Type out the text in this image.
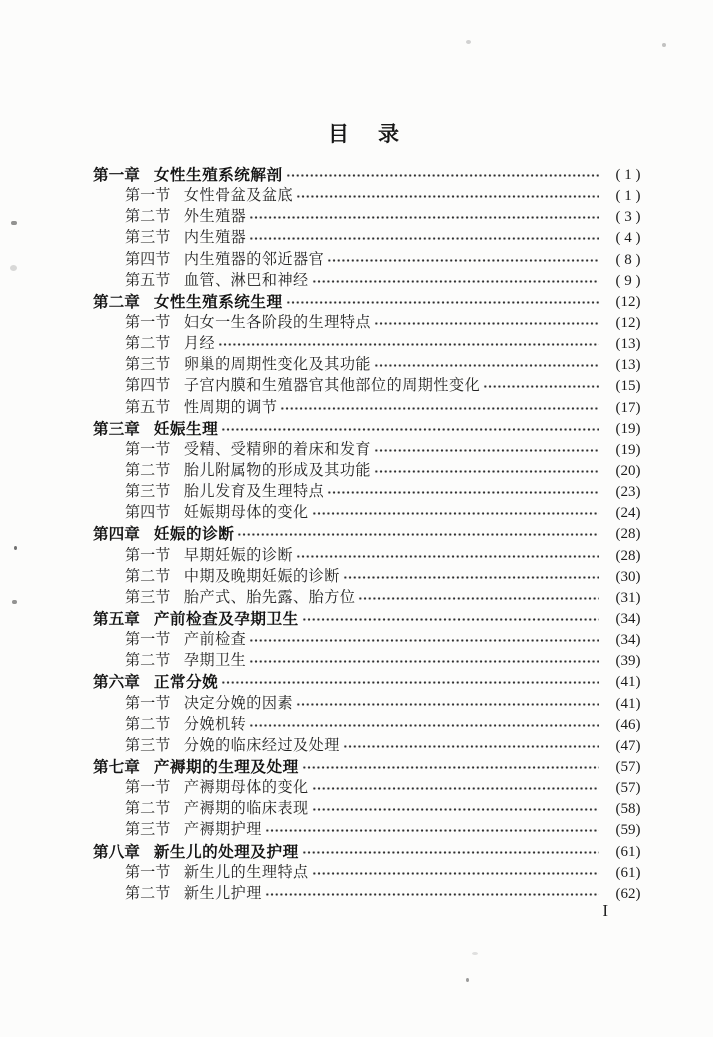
目　录
第一章 女性生殖系统解剖	( 1 )
第一节 女性骨盆及盆底	( 1 )
第二节 外生殖器	( 3 )
第三节 内生殖器	( 4 )
第四节 内生殖器的邻近器官	( 8 )
第五节 血管、淋巴和神经	( 9 )
第二章 女性生殖系统生理	(12)
第一节 妇女一生各阶段的生理特点	(12)
第二节 月经	(13)
第三节 卵巢的周期性变化及其功能	(13)
第四节 子宫内膜和生殖器官其他部位的周期性变化	(15)
第五节 性周期的调节	(17)
第三章 妊娠生理	(19)
第一节 受精、受精卵的着床和发育	(19)
第二节 胎儿附属物的形成及其功能	(20)
第三节 胎儿发育及生理特点	(23)
第四节 妊娠期母体的变化	(24)
第四章 妊娠的诊断	(28)
第一节 早期妊娠的诊断	(28)
第二节 中期及晚期妊娠的诊断	(30)
第三节 胎产式、胎先露、胎方位	(31)
第五章 产前检查及孕期卫生	(34)
第一节 产前检查	(34)
第二节 孕期卫生	(39)
第六章 正常分娩	(41)
第一节 决定分娩的因素	(41)
第二节 分娩机转	(46)
第三节 分娩的临床经过及处理	(47)
第七章 产褥期的生理及处理	(57)
第一节 产褥期母体的变化	(57)
第二节 产褥期的临床表现	(58)
第三节 产褥期护理	(59)
第八章 新生儿的处理及护理	(61)
第一节 新生儿的生理特点	(61)
第二节 新生儿护理	(62)
I
